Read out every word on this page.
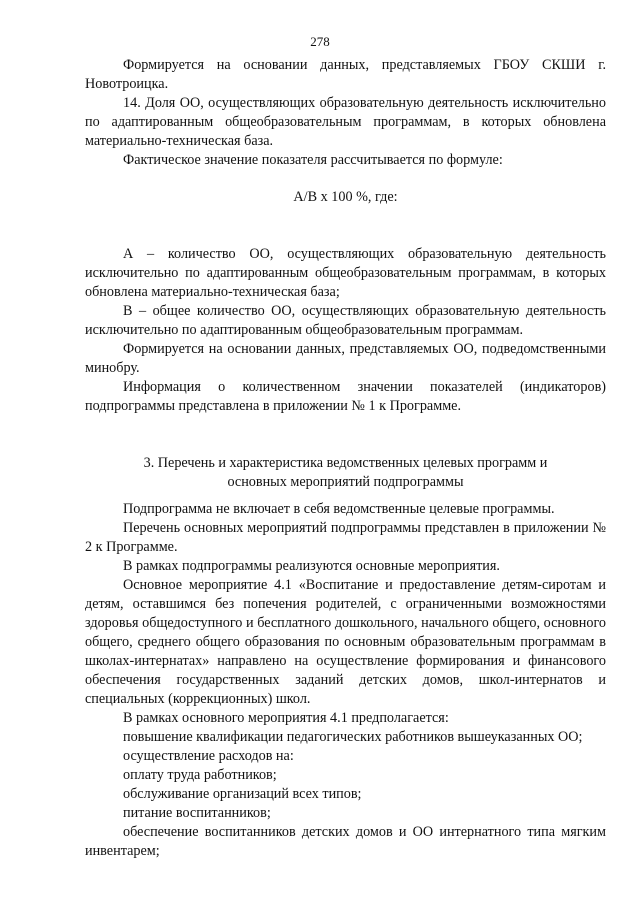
278

Формируется на основании данных, представляемых ГБОУ СКШИ г. Новотроицка.

14. Доля ОО, осуществляющих образовательную деятельность исключительно по адаптированным общеобразовательным программам, в которых обновлена материально-техническая база.

Фактическое значение показателя рассчитывается по формуле:

А/В х 100 %, где:

А – количество ОО, осуществляющих образовательную деятельность исключительно по адаптированным общеобразовательным программам, в которых обновлена материально-техническая база;

В – общее количество ОО, осуществляющих образовательную деятельность исключительно по адаптированным общеобразовательным программам.

Формируется на основании данных, представляемых ОО, подведомственными минобру.

Информация о количественном значении показателей (индикаторов) подпрограммы представлена в приложении № 1 к Программе.

3. Перечень и характеристика ведомственных целевых программ и
основных мероприятий подпрограммы

Подпрограмма не включает в себя ведомственные целевые программы.

Перечень основных мероприятий подпрограммы представлен в приложении № 2 к Программе.

В рамках подпрограммы реализуются основные мероприятия.

Основное мероприятие 4.1 «Воспитание и предоставление детям-сиротам и детям, оставшимся без попечения родителей, с ограниченными возможностями здоровья общедоступного и бесплатного дошкольного, начального общего, основного общего, среднего общего образования по основным образовательным программам в школах-интернатах» направлено на осуществление формирования и финансового обеспечения государственных заданий детских домов, школ-интернатов и специальных (коррекционных) школ.

В рамках основного мероприятия 4.1 предполагается:

повышение квалификации педагогических работников вышеуказанных ОО;

осуществление расходов на:

оплату труда работников;

обслуживание организаций всех типов;

питание воспитанников;

обеспечение воспитанников детских домов и ОО интернатного типа мягким инвентарем;
